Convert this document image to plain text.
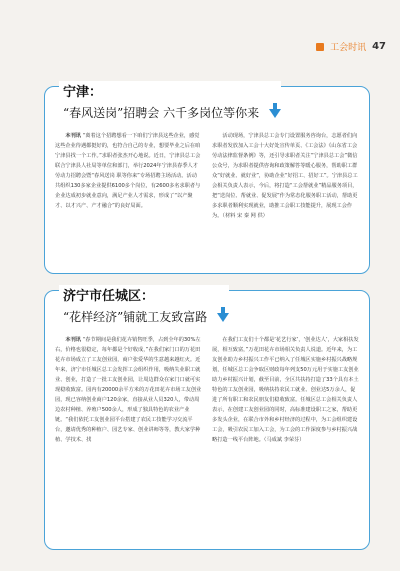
工会时讯 47
宁津：
“春风送岗”招聘会 六千多岗位等你来

本刊讯 “离着这个招聘想看一下咱们宁津县这些企业，感觉这些企业待遇都挺好的，也符合自己的专业，想要毕业之后在咱宁津县找一个工作。”求职者张杰开心地说。近日，宁津县总工会联合宁津县人社局等单位和部门，举行2024年宁津县春季人才劳动力招聘会暨“春风送岗 职等你来”专场招聘主场活动。活动共组织130多家企业提供6100多个岗位，有2600多名求职者与企业达成初步就业意向，满足产业人才需求，形成了“以产聚才、以才兴产、产才融合”的良好局面。

活动现场，宁津县总工会专门设置服务咨询台，志愿者们向求职者发放加入工会十大好处宣传单页、《工会法》《山东省工会劳动法律监督条例》等，还引导求职者关注“宁津县总工会”微信公众号，为求职者提供咨询和政策解答等暖心服务，帮助职工群众“好就业、就好业”，协助企业“好招工、招好工”。宁津县总工会相关负责人表示，今后，将打造“工会帮就业”精品服务项目，把“送岗位、帮就业、促发展”作为常态化服务职工活动，帮助更多求职者顺利实现就业，助推工会职工技能提升，展现工会作为。（材料 宋 秦 网 供）

济宁市任城区：
“花样经济”铺就工友致富路

本刊讯 “春节期间是我们花卉销售旺季，占到全年的30%左右，价格也很稳定，每年都是个好收成，”在我们家门口的万花田花卉市场成立了工友创业园，商户张爱华的生意越来越红火。近年来，济宁市任城区总工会发挥工会组织作用，吸纳失业职工就业、创业，打造了一批工友创业园，让周边群众在家门口就可实现稳收致富。园内有20000余平方米的万花田花卉市场工友创业园，现已容纳创业商户120余家，直接从业人员320人，带动周边农村种植、养殖户500余人，形成了独具特色的农业产业链。“我们依托工友创业园平台搭建了农民工技能学习交流平台，邀请优秀的种植户、园艺专家、创业讲师等等，教大家学种植、学技术、找

在我们工友们十个都是‘花艺行家’，‘创业达人’，大家相扶发展，相互致富，”万花田花卉市场相关负责人说道。近年来，为工友创业助力乡村振兴工作平已纳入了任城区实施乡村振兴战略规划，任城区总工会争取区财政每年列支50万元用于实施工友创业助力乡村振兴计划，截至目前，全区共扶持打造了33个具有本土特色的工友创业园，吸纳扶持农民工就业、创业达5万余人，促进了所有职工和农民朋友们稳收致富。任城区总工会相关负责人表示，在创建工友创业园的同时，高标准建设职工之家，帮助更多发头企业，在联合市外和乡村经济的过程中，为工会组织建设工会，吸引农民工加入工会，为工会的工作深度参与乡村振兴战略打造一线平台阵地。（马成斌 李荣芬）
